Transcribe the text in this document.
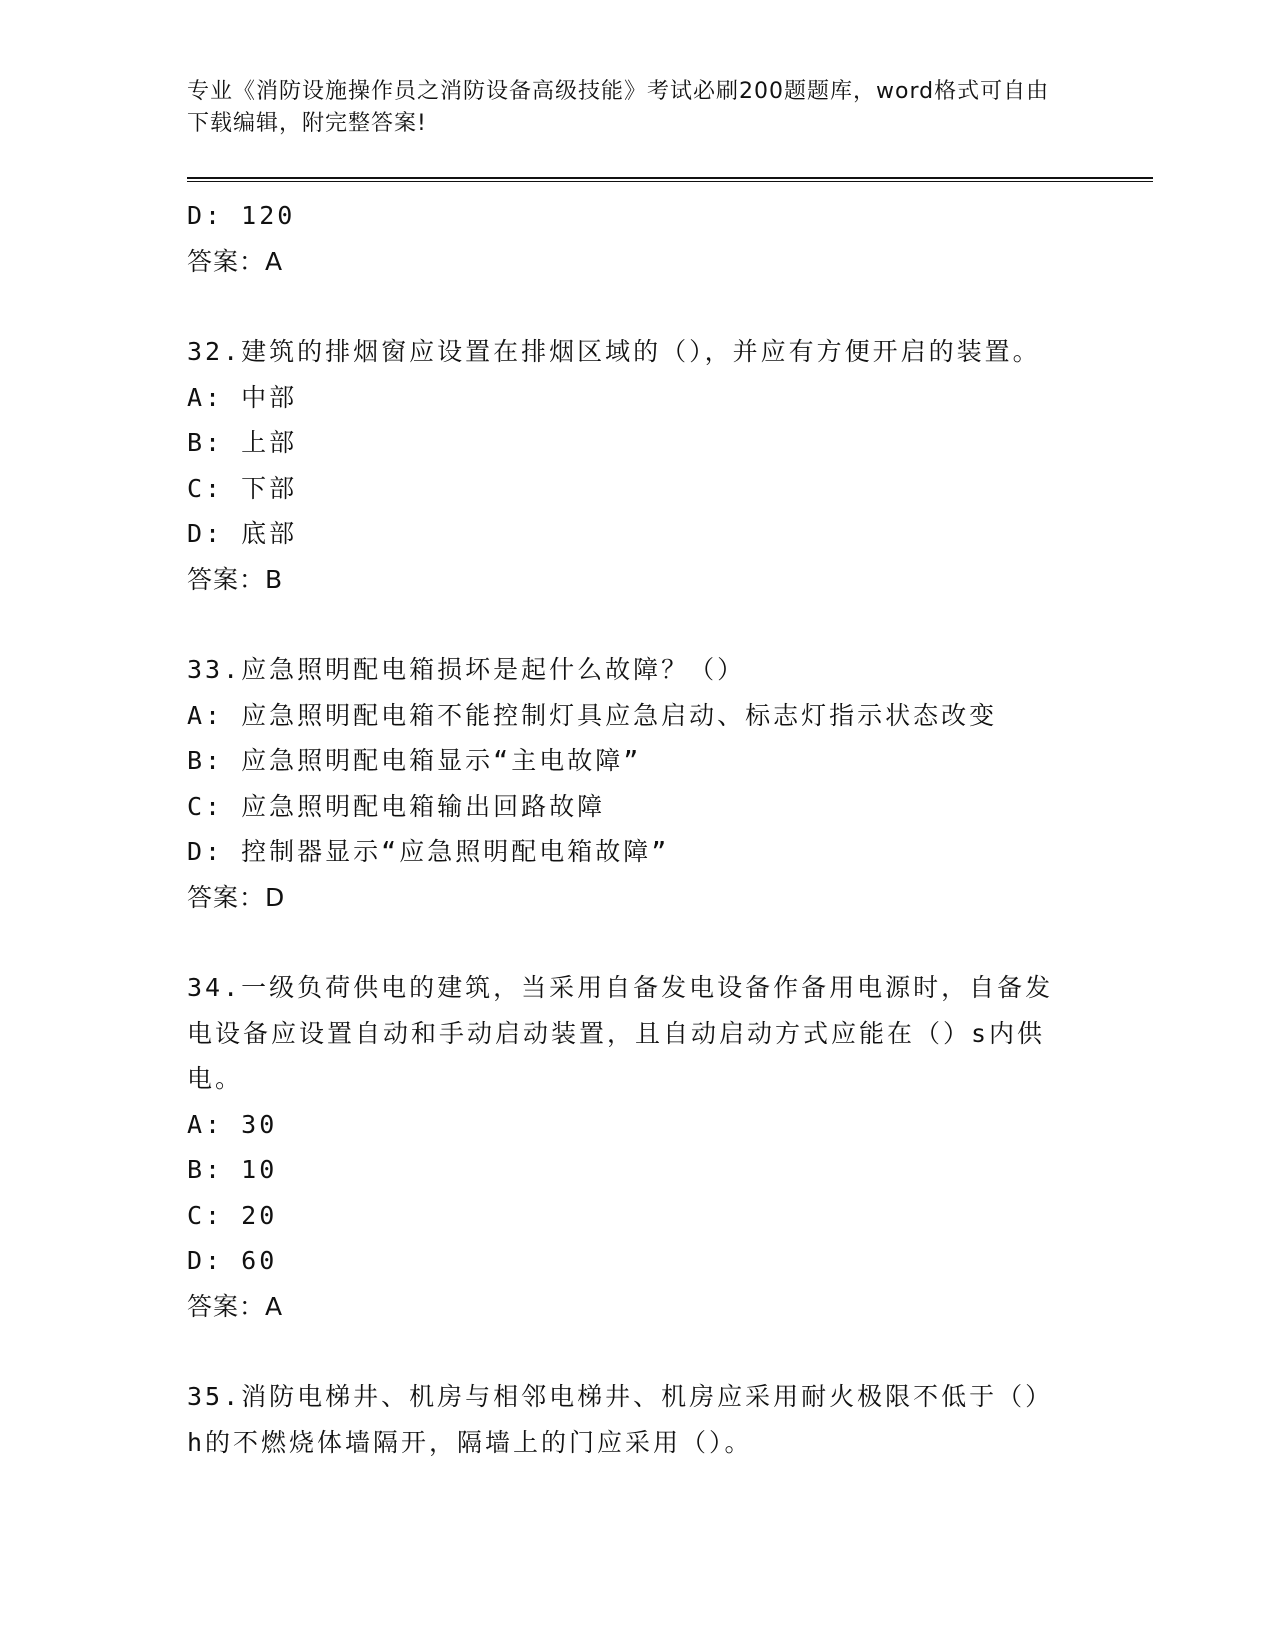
专业《消防设施操作员之消防设备高级技能》考试必刷200题题库，word格式可自由下载编辑，附完整答案!
D: 120
答案：A
32.建筑的排烟窗应设置在排烟区域的（），并应有方便开启的装置。
A: 中部
B: 上部
C: 下部
D: 底部
答案：B
33.应急照明配电箱损坏是起什么故障？（）
A: 应急照明配电箱不能控制灯具应急启动、标志灯指示状态改变
B: 应急照明配电箱显示“主电故障”
C: 应急照明配电箱输出回路故障
D: 控制器显示“应急照明配电箱故障”
答案：D
34.一级负荷供电的建筑，当采用自备发电设备作备用电源时，自备发电设备应设置自动和手动启动装置，且自动启动方式应能在（）s内供电。
A: 30
B: 10
C: 20
D: 60
答案：A
35.消防电梯井、机房与相邻电梯井、机房应采用耐火极限不低于（）h的不燃烧体墙隔开，隔墙上的门应采用（）。
